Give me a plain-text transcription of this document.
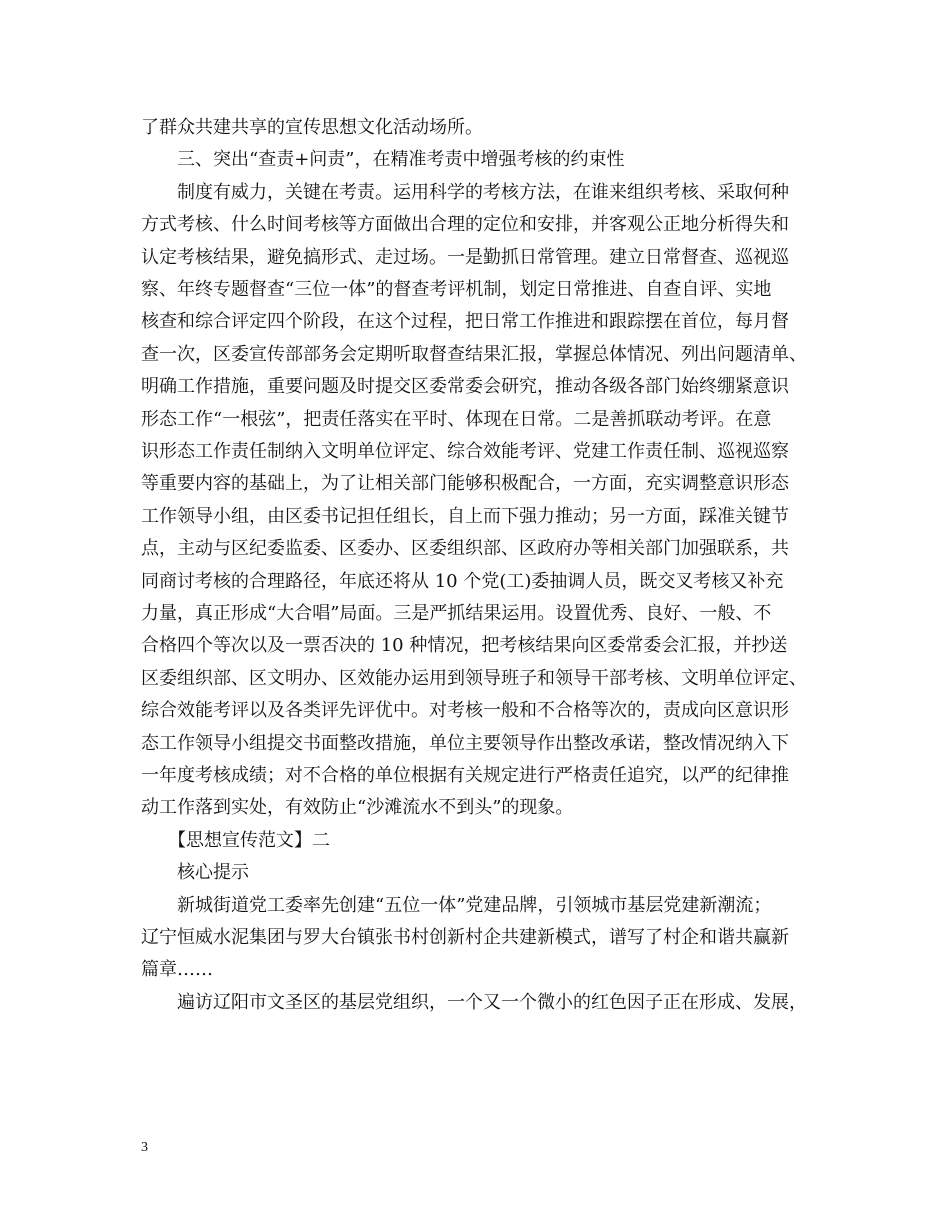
了群众共建共享的宣传思想文化活动场所。
　　三、突出“查责+问责”，在精准考责中增强考核的约束性
　　制度有威力，关键在考责。运用科学的考核方法，在谁来组织考核、采取何种
方式考核、什么时间考核等方面做出合理的定位和安排，并客观公正地分析得失和
认定考核结果，避免搞形式、走过场。一是勤抓日常管理。建立日常督查、巡视巡
察、年终专题督查“三位一体”的督查考评机制，划定日常推进、自查自评、实地
核查和综合评定四个阶段，在这个过程，把日常工作推进和跟踪摆在首位，每月督
查一次，区委宣传部部务会定期听取督查结果汇报，掌握总体情况、列出问题清单、
明确工作措施，重要问题及时提交区委常委会研究，推动各级各部门始终绷紧意识
形态工作“一根弦”，把责任落实在平时、体现在日常。二是善抓联动考评。在意
识形态工作责任制纳入文明单位评定、综合效能考评、党建工作责任制、巡视巡察
等重要内容的基础上，为了让相关部门能够积极配合，一方面，充实调整意识形态
工作领导小组，由区委书记担任组长，自上而下强力推动；另一方面，踩准关键节
点，主动与区纪委监委、区委办、区委组织部、区政府办等相关部门加强联系，共
同商讨考核的合理路径，年底还将从 10 个党(工)委抽调人员，既交叉考核又补充
力量，真正形成“大合唱”局面。三是严抓结果运用。设置优秀、良好、一般、不
合格四个等次以及一票否决的 10 种情况，把考核结果向区委常委会汇报，并抄送
区委组织部、区文明办、区效能办运用到领导班子和领导干部考核、文明单位评定、
综合效能考评以及各类评先评优中。对考核一般和不合格等次的，责成向区意识形
态工作领导小组提交书面整改措施，单位主要领导作出整改承诺，整改情况纳入下
一年度考核成绩；对不合格的单位根据有关规定进行严格责任追究，以严的纪律推
动工作落到实处，有效防止“沙滩流水不到头”的现象。
　　【思想宣传范文】二
　　核心提示
　　新城街道党工委率先创建“五位一体”党建品牌，引领城市基层党建新潮流；
辽宁恒威水泥集团与罗大台镇张书村创新村企共建新模式，谱写了村企和谐共赢新
篇章……
　　遍访辽阳市文圣区的基层党组织，一个又一个微小的红色因子正在形成、发展，
3
